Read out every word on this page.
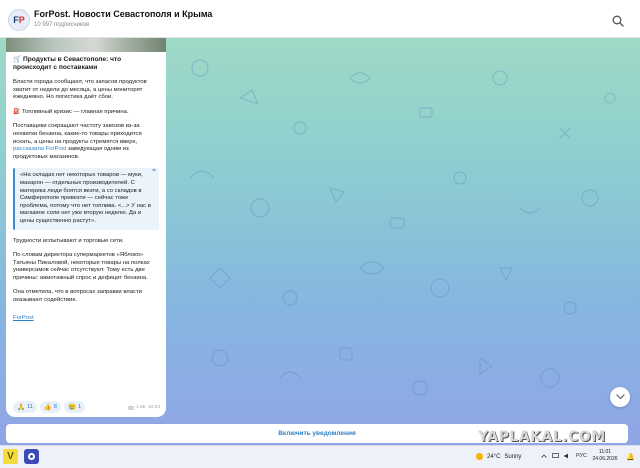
F P
ForPost. Новости Севастополя и Крыма
10 997 подписчиков
🛒 Продукты в Севастополе: что происходит с поставками
Власти города сообщают, что запасов продуктов хватит от недели до месяца, а цены мониторят ежедневно. Но логистика даёт сбои.
⛽ Топливный кризис — главная причина.
Поставщики сокращают частоту завозов из-за нехватки бензина, какие-то товары приходится искать, а цены на продукты стремятся вверх, рассказала ForPost заведующая одним из продуктовых магазинов.
”
«На складах нет некоторых товаров — муки, макарон — отдельных производителей. С материка люди боятся везти, а со складов в Симферополе привезти — сейчас тоже проблема, потому что нет топлива. <...> У нас в магазине соли нет уже вторую неделю. Да и цены существенно растут».
Трудности испытывают и торговые сети.
По словам директора супермаркетов «Яблоко» Татьяны Пикаловой, некоторые товары на полках универсамов сейчас отсутствуют. Тому есть две причины: ажиотажный спрос и дефицит бензина.
Она отметила, что в вопросах заправки власти оказывают содействие.
ForPost
🙏 11 👍 8 😢 1	1.6K 10:23
Включить уведомления	YAPLAKAL.COM
V	24°C Sunny	РУС
11:01
24.06.2026	🔔
